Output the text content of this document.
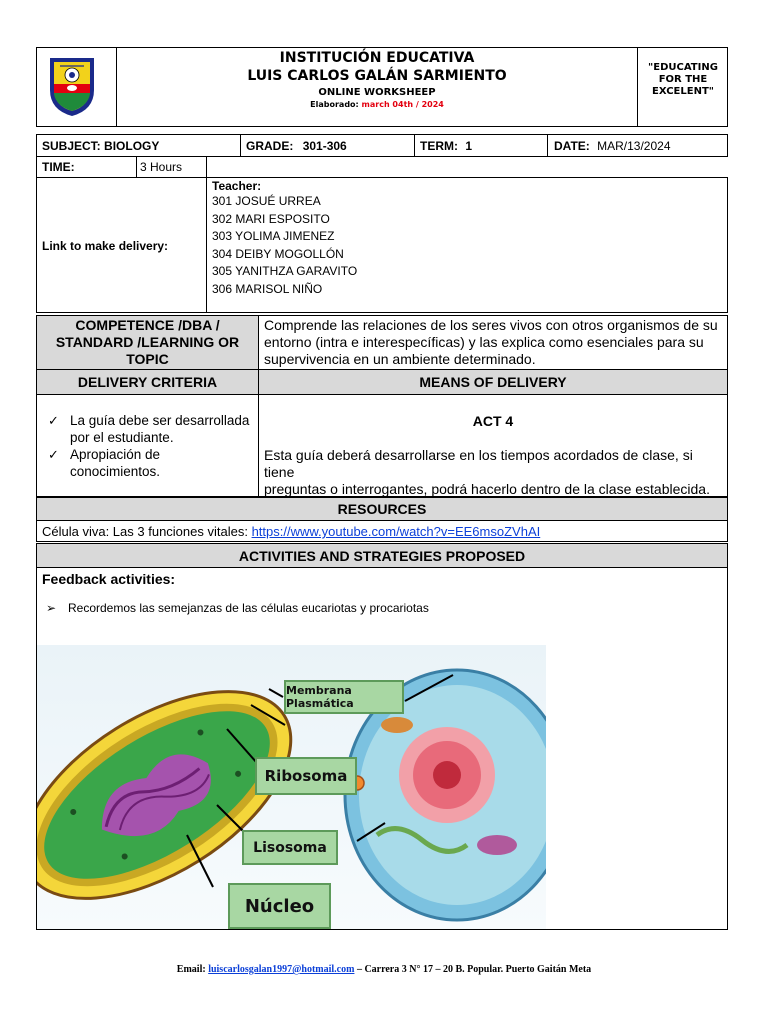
INSTITUCIÓN EDUCATIVA
LUIS CARLOS GALÁN SARMIENTO
ONLINE WORKSHEEP
Elaborado: march 04th / 2024
"EDUCATING
FOR THE
EXCELENT"
SUBJECT: BIOLOGY	GRADE: 301-306	TERM: 1	DATE: MAR/13/2024
TIME:	3 Hours
Link to make delivery:
Teacher:
301 JOSUÉ URREA
302 MARI ESPOSITO
303 YOLIMA JIMENEZ
304 DEIBY MOGOLLÓN
305 YANITHZA GARAVITO
306 MARISOL NIÑO
COMPETENCE /DBA /
STANDARD /LEARNING OR
TOPIC
Comprende las relaciones de los seres vivos con otros organismos de su
entorno (intra e interespecíficas) y las explica como esenciales para su
supervivencia en un ambiente determinado.
DELIVERY CRITERIA	MEANS OF DELIVERY
✓ La guía debe ser desarrollada
por el estudiante.
✓ Apropiación de
conocimientos.
ACT 4
Esta guía deberá desarrollarse en los tiempos acordados de clase, si tiene
preguntas o interrogantes, podrá hacerlo dentro de la clase establecida.
RESOURCES
Célula viva: Las 3 funciones vitales: https://www.youtube.com/watch?v=EE6msoZVhAI
ACTIVITIES AND STRATEGIES PROPOSED
Feedback activities:
➢ Recordemos las semejanzas de las células eucariotas y procariotas
Membrana Plasmática
Ribosoma
Lisosoma
Núcleo
Email: luiscarlosgalan1997@hotmail.com – Carrera 3 N° 17 – 20 B. Popular. Puerto Gaitán Meta
